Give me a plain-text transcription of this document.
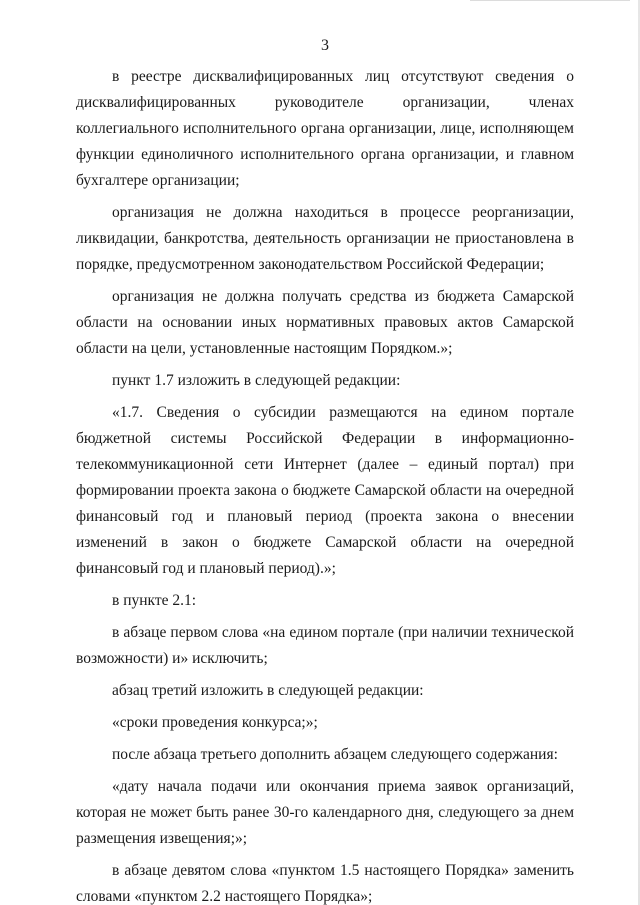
3

в реестре дисквалифицированных лиц отсутствуют сведения о дисквалифицированных руководителе организации, членах коллегиального исполнительного органа организации, лице, исполняющем функции единоличного исполнительного органа организации, и главном бухгалтере организации;

организация не должна находиться в процессе реорганизации, ликвидации, банкротства, деятельность организации не приостановлена в порядке, предусмотренном законодательством Российской Федерации;

организация не должна получать средства из бюджета Самарской области на основании иных нормативных правовых актов Самарской области на цели, установленные настоящим Порядком.»;

пункт 1.7 изложить в следующей редакции:

«1.7. Сведения о субсидии размещаются на едином портале бюджетной системы Российской Федерации в информационно-телекоммуникационной сети Интернет (далее – единый портал) при формировании проекта закона о бюджете Самарской области на очередной финансовый год и плановый период (проекта закона о внесении изменений в закон о бюджете Самарской области на очередной финансовый год и плановый период).»;

в пункте 2.1:

в абзаце первом слова «на едином портале (при наличии технической возможности) и» исключить;

абзац третий изложить в следующей редакции:

«сроки проведения конкурса;»;

после абзаца третьего дополнить абзацем следующего содержания:

«дату начала подачи или окончания приема заявок организаций, которая не может быть ранее 30-го календарного дня, следующего за днем размещения извещения;»;

в абзаце девятом слова «пунктом 1.5 настоящего Порядка» заменить словами «пунктом 2.2 настоящего Порядка»;
